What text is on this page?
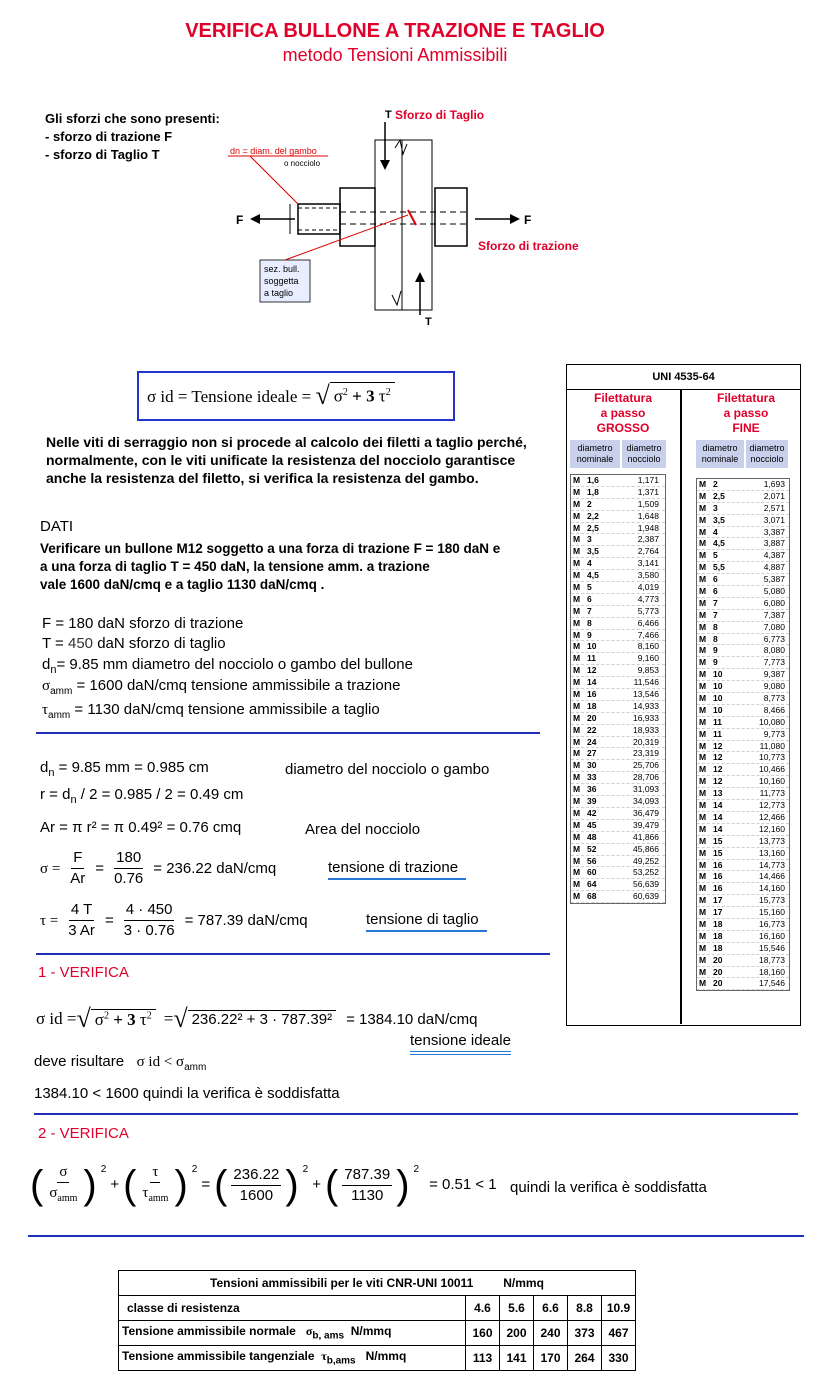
VERIFICA BULLONE A TRAZIONE E TAGLIO
metodo Tensioni Ammissibili
Gli sforzi che sono presenti:
- sforzo di trazione F
- sforzo di Taglio T
T Sforzo di Taglio
F	F
Sforzo di trazione
T
dn = diam. del gambo
o nocciolo
sez. bull.
soggetta
a taglio
σ id = Tensione ideale = √ $\sigma^2 + 3$ $\tau^2$
Nelle viti di serraggio non si procede al calcolo dei filetti a taglio perché, normalmente, con le viti unificate la resistenza del nocciolo garantisce anche la resistenza del filetto, si verifica la resistenza del gambo.
DATI
Verificare un bullone M12 soggetto a una forza di trazione F = 180 daN e
a una forza di taglio T = 450 daN, la tensione amm. a trazione
vale 1600 daN/cmq e a taglio 1130 daN/cmq .
F = 180 daN sforzo di trazione
T = 450 daN sforzo di taglio
$d_n= 9.85$ mm diametro del nocciolo o gambo del bullone
$\sigma_{amm} = 1600$ daN/cmq tensione ammissibile a trazione
$\tau_{amm} = 1130$ daN/cmq tensione ammissibile a taglio
$d_n = 9.85$ mm = 0.985 cm	diametro del nocciolo o gambo
$r = d_n / 2 = 0.985 / 2 = 0.49$ cm
Ar = π r² = π 0.49² = 0.76 cmq	Area del nocciolo
$\sigma = \frac{F}{Ar} = \frac{180}{0.76} = 236.22$ daN/cmq	tensione di trazione
$\tau = \frac{4 T}{3 Ar} = \frac{4 \cdot 450}{3 \cdot 0.76} = 787.39$ daN/cmq	tensione di taglio
1 - VERIFICA
σ id = √ $\sigma^2 + 3$ $\tau^2$ = √ 236.22² + 3 · 787.39² = 1384.10 daN/cmq
tensione ideale
deve risultare σ id < $\sigma_{amm}$
1384.10 < 1600 quindi la verifica è soddisfatta
2 - VERIFICA
( $\frac{\sigma}{\sigma_{amm}}$ ) $^2$
+ ( $\frac{\tau}{\tau_{amm}}$ ) $^2$
= ( $\frac{236.22}{1600}$ ) $^2$
+ ( $\frac{787.39}{1130}$ ) $^2$
= 0.51 < 1 quindi la verifica è soddisfatta
UNI 4535-64
Filettatura
a passo
GROSSO
diametro nominale
diametro nocciolo
M 1,6	1,171
M 1,8	1,371
M 2	1,509
M 2,2	1,648
M 2,5	1,948
M 3	2,387
M 3,5	2,764
M 4	3,141
M 4,5	3,580
M 5	4,019
M 6	4,773
M 7	5,773
M 8	6,466
M 9	7,466
M 10	8,160
M 11	9,160
M 12	9,853
M 14	11,546
M 16	13,546
M 18	14,933
M 20	16,933
M 22	18,933
M 24	20,319
M 27	23,319
M 30	25,706
M 33	28,706
M 36	31,093
M 39	34,093
M 42	36,479
M 45	39,479
M 48	41,866
M 52	45,866
M 56	49,252
M 60	53,252
M 64	56,639
M 68	60,639
Filettatura
a passo
FINE
diametro nominale
diametro nocciolo
M 2	1,693
M 2,5	2,071
M 3	2,571
M 3,5	3,071
M 4	3,387
M 4,5	3,887
M 5	4,387
M 5,5	4,887
M 6	5,387
M 6	5,080
M 7	6,080
M 7	7,387
M 8	7,080
M 8	6,773
M 9	8,080
M 9	7,773
M 10	9,387
M 10	9,080
M 10	8,773
M 10	8,466
M 11	10,080
M 11	9,773
M 12	11,080
M 12	10,773
M 12	10,466
M 12	10,160
M 13	11,773
M 14	12,773
M 14	12,466
M 14	12,160
M 15	13,773
M 15	13,160
M 16	14,773
M 16	14,466
M 16	14,160
M 17	15,773
M 17	15,160
M 18	16,773
M 18	16,160
M 18	15,546
M 20	18,773
M 20	18,160
M 20	17,546
Tensioni ammissibili per le viti CNR-UNI 10011 N/mmq					
classe di resistenza	4.6	5.6	6.6	8.8	10.9
Tensione ammissibile normale $\sigma_{b, ams}$ N/mmq	160	200	240	373	467
Tensione ammissibile tangenziale $\tau_{b,ams}$ N/mmq	113	141	170	264	330
